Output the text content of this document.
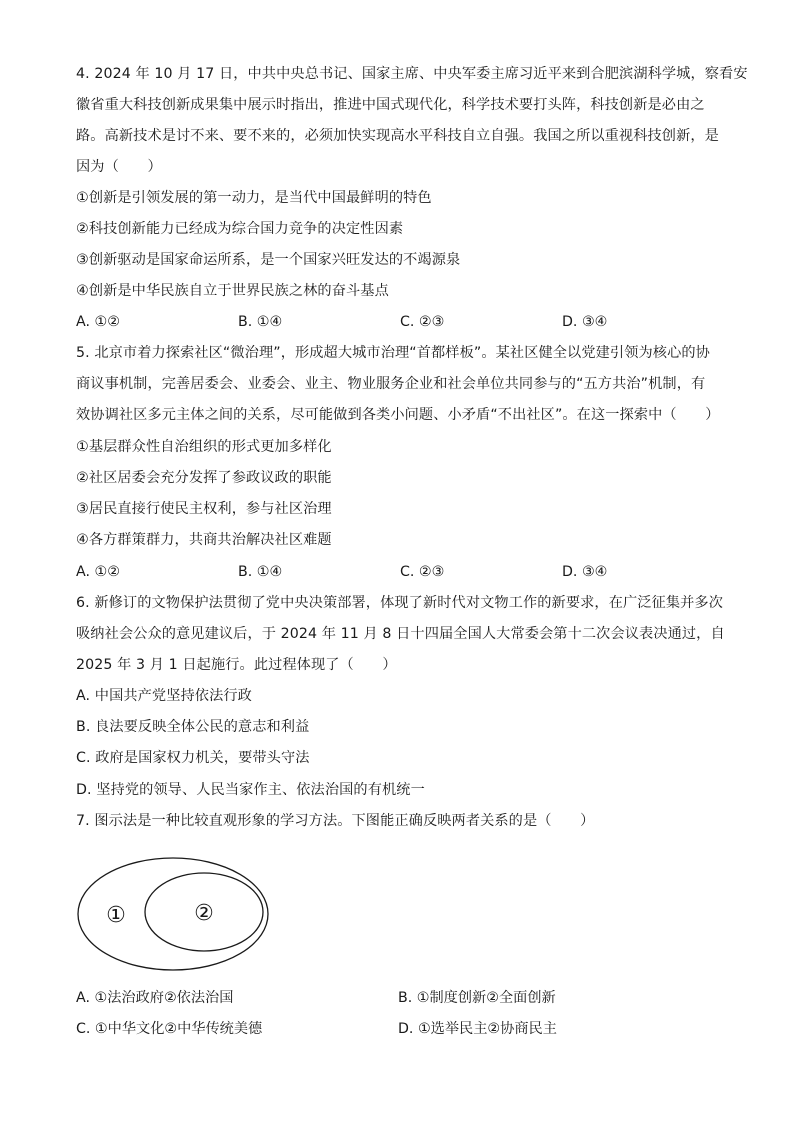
4. 2024 年 10 月 17 日，中共中央总书记、国家主席、中央军委主席习近平来到合肥滨湖科学城，察看安
徽省重大科技创新成果集中展示时指出，推进中国式现代化，科学技术要打头阵，科技创新是必由之
路。高新技术是讨不来、要不来的，必须加快实现高水平科技自立自强。我国之所以重视科技创新，是
因为（　　）
①创新是引领发展的第一动力，是当代中国最鲜明的特色
②科技创新能力已经成为综合国力竞争的决定性因素
③创新驱动是国家命运所系，是一个国家兴旺发达的不竭源泉
④创新是中华民族自立于世界民族之林的奋斗基点
A. ①②	B. ①④	C. ②③	D. ③④
5. 北京市着力探索社区“微治理”，形成超大城市治理“首都样板”。某社区健全以党建引领为核心的协
商议事机制，完善居委会、业委会、业主、物业服务企业和社会单位共同参与的“五方共治”机制，有
效协调社区多元主体之间的关系，尽可能做到各类小问题、小矛盾“不出社区”。在这一探索中（　　）
①基层群众性自治组织的形式更加多样化
②社区居委会充分发挥了参政议政的职能
③居民直接行使民主权利，参与社区治理
④各方群策群力，共商共治解决社区难题
A. ①②	B. ①④	C. ②③	D. ③④
6. 新修订的文物保护法贯彻了党中央决策部署，体现了新时代对文物工作的新要求，在广泛征集并多次
吸纳社会公众的意见建议后，于 2024 年 11 月 8 日十四届全国人大常委会第十二次会议表决通过，自
2025 年 3 月 1 日起施行。此过程体现了（　　）
A. 中国共产党坚持依法行政
B. 良法要反映全体公民的意志和利益
C. 政府是国家权力机关，要带头守法
D. 坚持党的领导、人民当家作主、依法治国的有机统一
7. 图示法是一种比较直观形象的学习方法。下图能正确反映两者关系的是（　　）
①	②
A. ①法治政府②依法治国	B. ①制度创新②全面创新
C. ①中华文化②中华传统美德	D. ①选举民主②协商民主
